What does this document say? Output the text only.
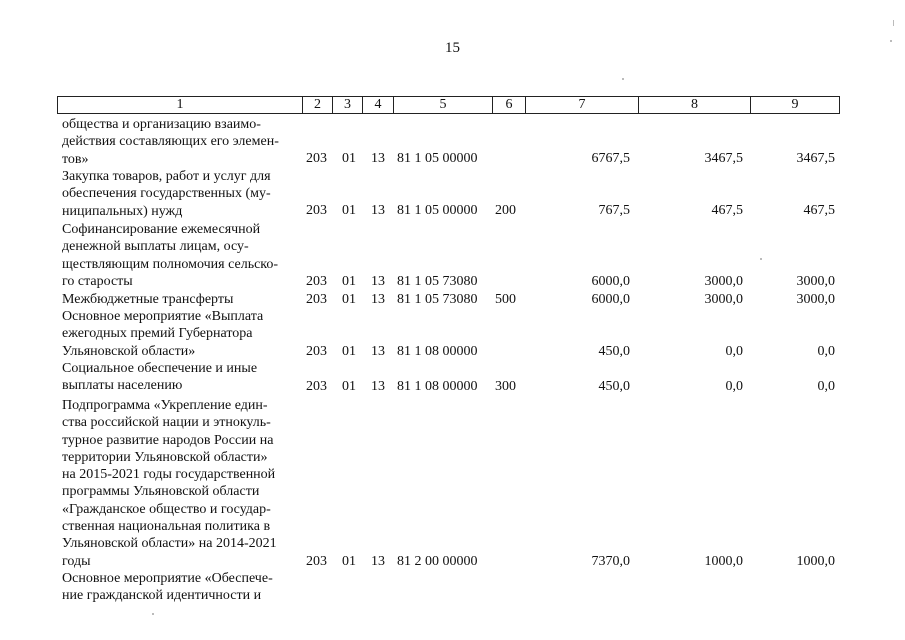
15
1	2	3	4	5	6	7	8	9
общества и организацию взаимо-
действия составляющих его элемен-
тов»	203 01 13 81 1 05 00000	6767,5	3467,5	3467,5
Закупка товаров, работ и услуг для
обеспечения государственных (му-
ниципальных) нужд	203 01 13 81 1 05 00000 200	767,5	467,5	467,5
Софинансирование ежемесячной
денежной выплаты лицам, осу-
ществляющим полномочия сельско-
го старосты	203 01 13 81 1 05 73080	6000,0	3000,0	3000,0
Межбюджетные трансферты	203 01 13 81 1 05 73080 500	6000,0	3000,0	3000,0
Основное мероприятие «Выплата
ежегодных премий Губернатора
Ульяновской области»	203 01 13 81 1 08 00000	450,0	0,0	0,0
Социальное обеспечение и иные
выплаты населению	203 01 13 81 1 08 00000 300	450,0	0,0	0,0
Подпрограмма «Укрепление един-
ства российской нации и этнокуль-
турное развитие народов России на
территории Ульяновской области»
на 2015-2021 годы государственной
программы Ульяновской области
«Гражданское общество и государ-
ственная национальная политика в
Ульяновской области» на 2014-2021
годы	203 01 13 81 2 00 00000	7370,0	1000,0	1000,0
Основное мероприятие «Обеспече-
ние гражданской идентичности и
